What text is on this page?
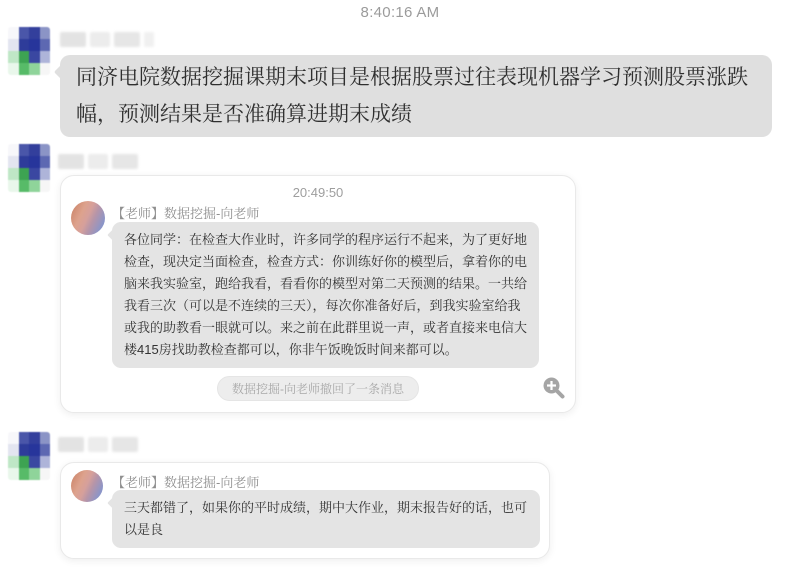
8:40:16 AM
同济电院数据挖掘课期末项目是根据股票过往表现机器学习预测股票涨跌幅，预测结果是否准确算进期末成绩
20:49:50
【老师】数据挖掘-向老师
各位同学：在检查大作业时，许多同学的程序运行不起来，为了更好地检查，现决定当面检查，检查方式：你训练好你的模型后，拿着你的电脑来我实验室，跑给我看，看看你的模型对第二天预测的结果。一共给我看三次（可以是不连续的三天），每次你准备好后，到我实验室给我或我的助教看一眼就可以。来之前在此群里说一声，或者直接来电信大楼415房找助教检查都可以，你非午饭晚饭时间来都可以。
数据挖掘-向老师撤回了一条消息
【老师】数据挖掘-向老师
三天都错了，如果你的平时成绩，期中大作业，期末报告好的话，也可以是良
